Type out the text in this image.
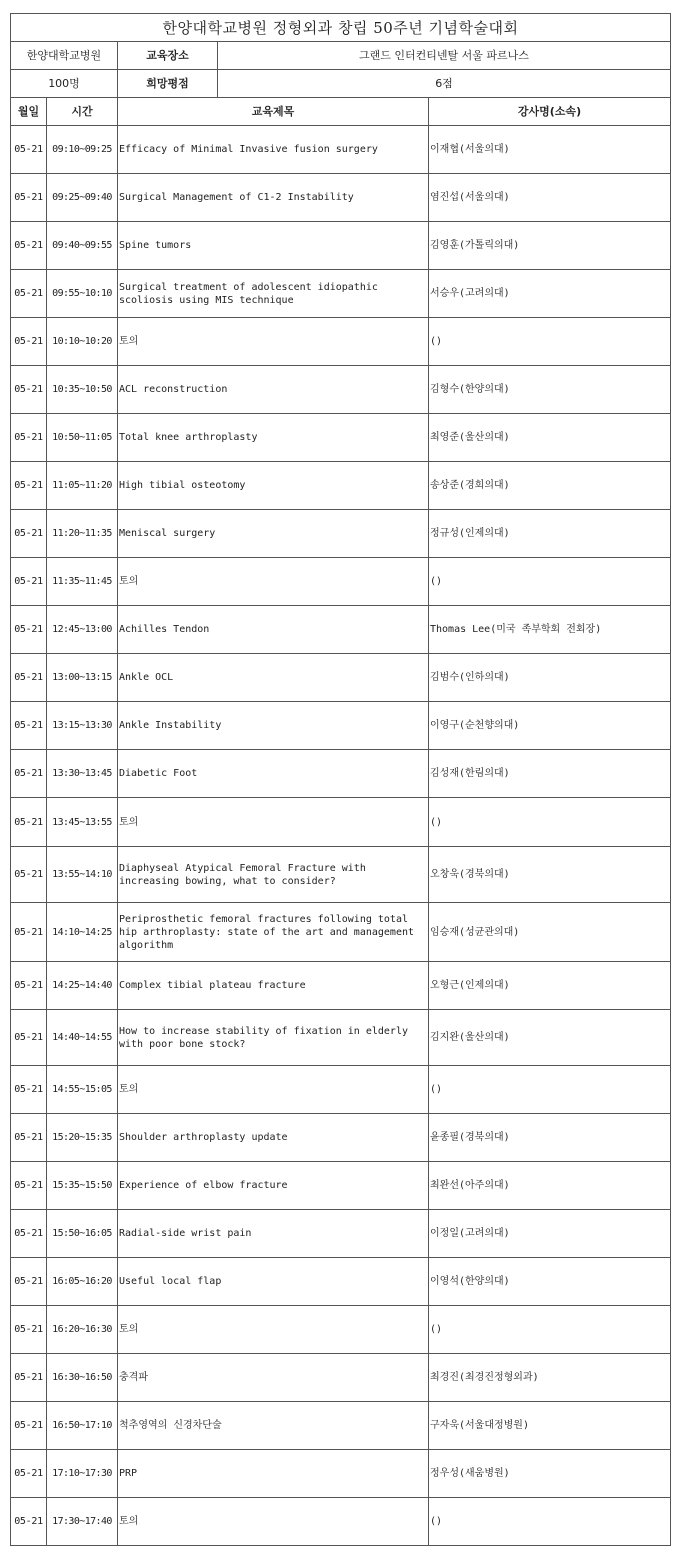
한양대학교병원 정형외과 창립 50주년 기념학술대회				
한양대학교병원		교육장소	그랜드 인터컨티넨탈 서울 파르나스	
100명		희망평점	6점	
월일	시간	교육제목		강사명(소속)
05-21	09:10~09:25	Efficacy of Minimal Invasive fusion surgery		이재협(서울의대)
05-21	09:25~09:40	Surgical Management of C1-2 Instability		염진섭(서울의대)
05-21	09:40~09:55	Spine tumors		김영훈(가톨릭의대)
05-21	09:55~10:10	Surgical treatment of adolescent idiopathic scoliosis using MIS technique		서승우(고려의대)
05-21	10:10~10:20	토의		()
05-21	10:35~10:50	ACL reconstruction		김형수(한양의대)
05-21	10:50~11:05	Total knee arthroplasty		최영준(울산의대)
05-21	11:05~11:20	High tibial osteotomy		송상준(경희의대)
05-21	11:20~11:35	Meniscal surgery		정규성(인제의대)
05-21	11:35~11:45	토의		()
05-21	12:45~13:00	Achilles Tendon		Thomas Lee(미국 족부학회 전회장)
05-21	13:00~13:15	Ankle OCL		김범수(인하의대)
05-21	13:15~13:30	Ankle Instability		이영구(순천향의대)
05-21	13:30~13:45	Diabetic Foot		김성재(한림의대)
05-21	13:45~13:55	토의		()
05-21	13:55~14:10	Diaphyseal Atypical Femoral Fracture with increasing bowing, what to consider?		오창욱(경북의대)
05-21	14:10~14:25	Periprosthetic femoral fractures following total hip arthroplasty: state of the art and management algorithm		임승재(성균관의대)
05-21	14:25~14:40	Complex tibial plateau fracture		오형근(인제의대)
05-21	14:40~14:55	How to increase stability of fixation in elderly with poor bone stock?		김지완(울산의대)
05-21	14:55~15:05	토의		()
05-21	15:20~15:35	Shoulder arthroplasty update		윤종필(경북의대)
05-21	15:35~15:50	Experience of elbow fracture		최완선(아주의대)
05-21	15:50~16:05	Radial-side wrist pain		이정일(고려의대)
05-21	16:05~16:20	Useful local flap		이영석(한양의대)
05-21	16:20~16:30	토의		()
05-21	16:30~16:50	충격파		최경진(최경진정형외과)
05-21	16:50~17:10	척추영역의 신경차단술		구자욱(서울대정병원)
05-21	17:10~17:30	PRP		정우성(새움병원)
05-21	17:30~17:40	토의		()
